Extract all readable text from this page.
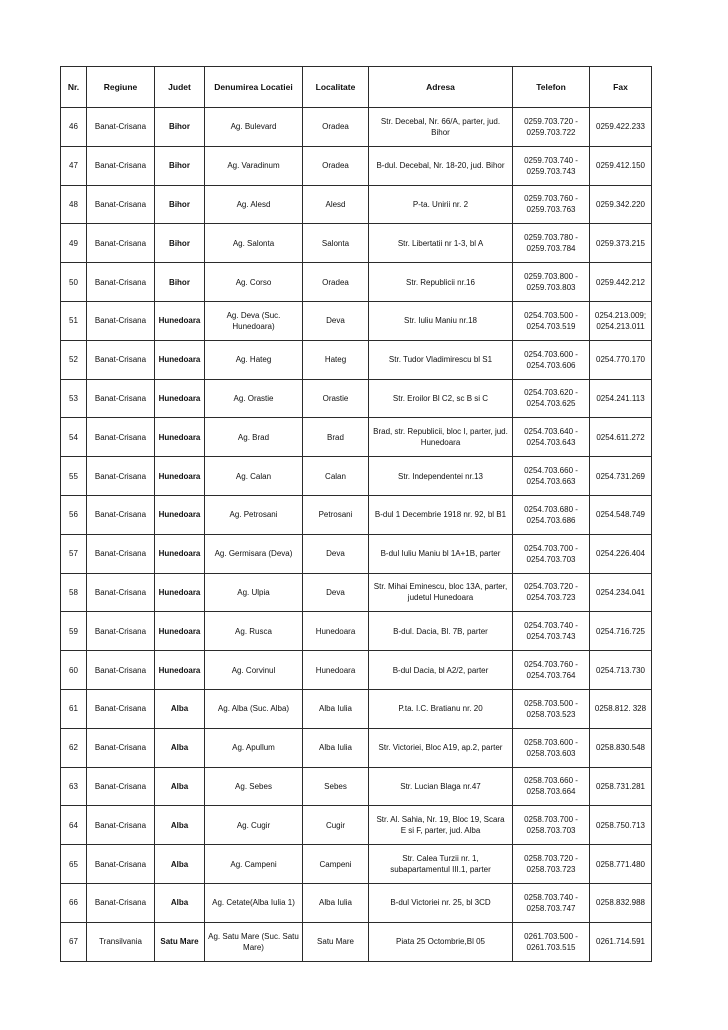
Nr.	Regiune	Judet	Denumirea Locatiei	Localitate	Adresa	Telefon	Fax
46	Banat-Crisana	Bihor	Ag. Bulevard	Oradea	Str. Decebal, Nr. 66/A, parter, jud. Bihor	0259.703.720 - 0259.703.722	0259.422.233
47	Banat-Crisana	Bihor	Ag. Varadinum	Oradea	B-dul. Decebal, Nr. 18-20, jud. Bihor	0259.703.740 - 0259.703.743	0259.412.150
48	Banat-Crisana	Bihor	Ag. Alesd	Alesd	P-ta. Unirii nr. 2	0259.703.760 - 0259.703.763	0259.342.220
49	Banat-Crisana	Bihor	Ag. Salonta	Salonta	Str. Libertatii nr 1-3, bl A	0259.703.780 - 0259.703.784	0259.373.215
50	Banat-Crisana	Bihor	Ag. Corso	Oradea	Str. Republicii nr.16	0259.703.800 - 0259.703.803	0259.442.212
51	Banat-Crisana	Hunedoara	Ag. Deva (Suc. Hunedoara)	Deva	Str. Iuliu Maniu nr.18	0254.703.500 - 0254.703.519	0254.213.009; 0254.213.011
52	Banat-Crisana	Hunedoara	Ag. Hateg	Hateg	Str. Tudor Vladimirescu bl S1	0254.703.600 - 0254.703.606	0254.770.170
53	Banat-Crisana	Hunedoara	Ag. Orastie	Orastie	Str. Eroilor Bl C2, sc B si C	0254.703.620 - 0254.703.625	0254.241.113
54	Banat-Crisana	Hunedoara	Ag. Brad	Brad	Brad, str. Republicii, bloc I, parter, jud. Hunedoara	0254.703.640 - 0254.703.643	0254.611.272
55	Banat-Crisana	Hunedoara	Ag. Calan	Calan	Str. Independentei nr.13	0254.703.660 - 0254.703.663	0254.731.269
56	Banat-Crisana	Hunedoara	Ag. Petrosani	Petrosani	B-dul 1 Decembrie 1918 nr. 92, bl B1	0254.703.680 - 0254.703.686	0254.548.749
57	Banat-Crisana	Hunedoara	Ag. Germisara (Deva)	Deva	B-dul Iuliu Maniu bl 1A+1B, parter	0254.703.700 - 0254.703.703	0254.226.404
58	Banat-Crisana	Hunedoara	Ag. Ulpia	Deva	Str. Mihai Eminescu, bloc 13A, parter, judetul Hunedoara	0254.703.720 - 0254.703.723	0254.234.041
59	Banat-Crisana	Hunedoara	Ag. Rusca	Hunedoara	B-dul. Dacia, Bl. 7B, parter	0254.703.740 - 0254.703.743	0254.716.725
60	Banat-Crisana	Hunedoara	Ag. Corvinul	Hunedoara	B-dul Dacia, bl A2/2, parter	0254.703.760 - 0254.703.764	0254.713.730
61	Banat-Crisana	Alba	Ag. Alba (Suc. Alba)	Alba Iulia	P.ta. I.C. Bratianu nr. 20	0258.703.500 - 0258.703.523	0258.812. 328
62	Banat-Crisana	Alba	Ag. Apullum	Alba Iulia	Str. Victoriei, Bloc A19, ap.2, parter	0258.703.600 - 0258.703.603	0258.830.548
63	Banat-Crisana	Alba	Ag. Sebes	Sebes	Str. Lucian Blaga nr.47	0258.703.660 - 0258.703.664	0258.731.281
64	Banat-Crisana	Alba	Ag. Cugir	Cugir	Str. Al. Sahia, Nr. 19, Bloc 19, Scara E si F, parter, jud. Alba	0258.703.700 - 0258.703.703	0258.750.713
65	Banat-Crisana	Alba	Ag. Campeni	Campeni	Str. Calea Turzii nr. 1, subapartamentul III.1, parter	0258.703.720 - 0258.703.723	0258.771.480
66	Banat-Crisana	Alba	Ag. Cetate(Alba Iulia 1)	Alba Iulia	B-dul Victoriei nr. 25, bl 3CD	0258.703.740 - 0258.703.747	0258.832.988
67	Transilvania	Satu Mare	Ag. Satu Mare (Suc. Satu Mare)	Satu Mare	Piata 25 Octombrie,Bl 05	0261.703.500 - 0261.703.515	0261.714.591
